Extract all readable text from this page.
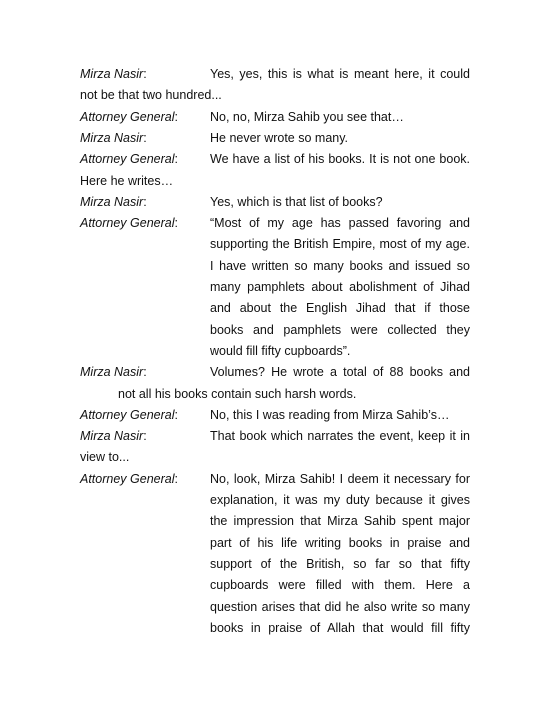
Mirza Nasir:	Yes, yes, this is what is meant here, it could
not be that two hundred...
Attorney General:	No, no, Mirza Sahib you see that…
Mirza Nasir:	He never wrote so many.
Attorney General:	We have a list of his books. It is not one book.
Here he writes…
Mirza Nasir:	Yes, which is that list of books?
Attorney General:	“Most of my age has passed favoring and
supporting the British Empire, most of my age.
I have written so many books and issued so
many pamphlets about abolishment of Jihad
and about the English Jihad that if those
books and pamphlets were collected they
would fill fifty cupboards”.
Mirza Nasir:	Volumes? He wrote a total of 88 books and
not all his books contain such harsh words.
Attorney General:	No, this I was reading from Mirza Sahib’s…
Mirza Nasir:	That book which narrates the event, keep it in
view to...
Attorney General:	No, look, Mirza Sahib! I deem it necessary for
explanation, it was my duty because it gives
the impression that Mirza Sahib spent major
part of his life writing books in praise and
support of the British, so far so that fifty
cupboards were filled with them. Here a
question arises that did he also write so many
books in praise of Allah that would fill fifty
